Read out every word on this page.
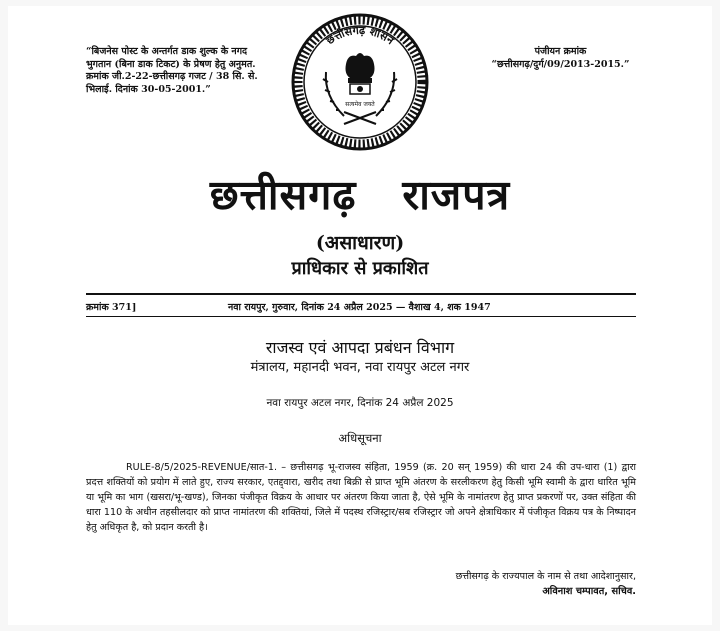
“बिजनेस पोस्ट के अन्तर्गत डाक शुल्क के नगद भुगतान (बिना डाक टिकट) के प्रेषण हेतु अनुमत. क्रमांक जी.2-22-छत्तीसगढ़ गजट / 38 सि. से. भिलाई. दिनांक 30-05-2001.”
पंजीयन क्रमांक
“छत्तीसगढ़/दुर्ग/09/2013-2015.”
छत्तीसगढ़ शासन
सत्यमेव जयते
छत्तीसगढ़ राजपत्र
(असाधारण)
प्राधिकार से प्रकाशित
क्रमांक 371]	नवा रायपुर, गुरुवार, दिनांक 24 अप्रैल 2025 — वैशाख 4, शक 1947
राजस्व एवं आपदा प्रबंधन विभाग
मंत्रालय, महानदी भवन, नवा रायपुर अटल नगर
नवा रायपुर अटल नगर, दिनांक 24 अप्रैल 2025
अधिसूचना
RULE-8/5/2025-REVENUE/सात-1. – छत्तीसगढ़ भू-राजस्व संहिता, 1959 (क्र. 20 सन् 1959) की धारा 24 की उप-धारा (1) द्वारा प्रदत्त शक्तियों को प्रयोग में लाते हुए, राज्य सरकार, एतद्द्वारा, खरीद तथा बिक्री से प्राप्त भूमि अंतरण के सरलीकरण हेतु किसी भूमि स्वामी के द्वारा धारित भूमि या भूमि का भाग (खसरा/भू-खण्ड), जिनका पंजीकृत विक्रय के आधार पर अंतरण किया जाता है, ऐसे भूमि के नामांतरण हेतु प्राप्त प्रकरणों पर, उक्त संहिता की धारा 110 के अधीन तहसीलदार को प्राप्त नामांतरण की शक्तियां, जिले में पदस्थ रजिस्ट्रार/सब रजिस्ट्रार जो अपने क्षेत्राधिकार में पंजीकृत विक्रय पत्र के निष्पादन हेतु अधिकृत है, को प्रदान करती है।
छत्तीसगढ़ के राज्यपाल के नाम से तथा आदेशानुसार,
अविनाश चम्पावत, सचिव.
